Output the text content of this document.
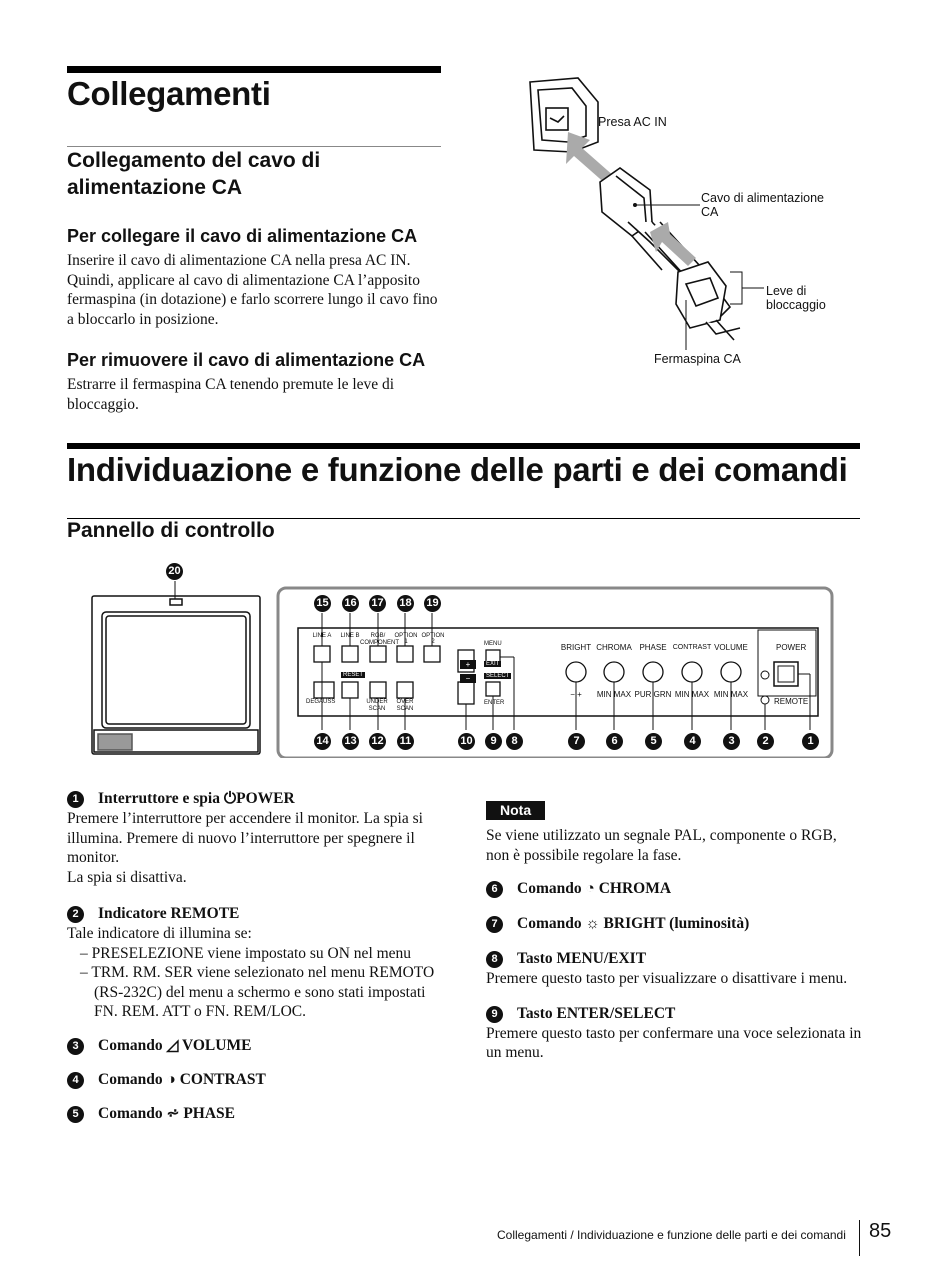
Collegamenti
Collegamento del cavo di alimentazione CA
Per collegare il cavo di alimentazione CA
Inserire il cavo di alimentazione CA nella presa AC IN. Quindi, applicare al cavo di alimentazione CA l’apposito fermaspina (in dotazione) e farlo scorrere lungo il cavo fino a bloccarlo in posizione.
Per rimuovere il cavo di alimentazione CA
Estrarre il fermaspina CA tenendo premute le leve di bloccaggio.
Presa AC IN
Cavo di alimentazione
CA
Leve di
bloccaggio
Fermaspina CA
Individuazione e funzione delle parti e dei comandi
Pannello di controllo
LINE A LINE B	RGB/ COMPONENT
OPTION 1
OPTION 2
DEGAUSS
RESET
UNDER SCAN
OVER SCAN
MENU
EXIT
SELECT
ENTER
+
−
BRIGHT CHROMA PHASE CONTRAST VOLUME
− +	MIN MAX PUR GRN MIN MAX MIN MAX
POWER
REMOTE
15 16 17 18 19
20
14 13 12 11	10	9	8	7	6	5	4	3	2	1
1 Interruttore e spia ⏻POWER
Premere l’interruttore per accendere il monitor. La spia si illumina. Premere di nuovo l’interruttore per spegnere il monitor.
La spia si disattiva.
2 Indicatore REMOTE
Tale indicatore di illumina se:
– PRESELEZIONE viene impostato su ON nel menu
– TRM. RM. SER viene selezionato nel menu REMOTO (RS-232C) del menu a schermo e sono stati impostati FN. REM. ATT o FN. REM/LOC.
3 Comando ◿ VOLUME
4 Comando ◑ CONTRAST
5 Comando ⩫ PHASE
Nota
Se viene utilizzato un segnale PAL, componente o RGB, non è possibile regolare la fase.
6 Comando ◔ CHROMA
7 Comando ☼ BRIGHT (luminosità)
8 Tasto MENU/EXIT
Premere questo tasto per visualizzare o disattivare i menu.
9 Tasto ENTER/SELECT
Premere questo tasto per confermare una voce selezionata in un menu.
Collegamenti / Individuazione e funzione delle parti e dei comandi 85
